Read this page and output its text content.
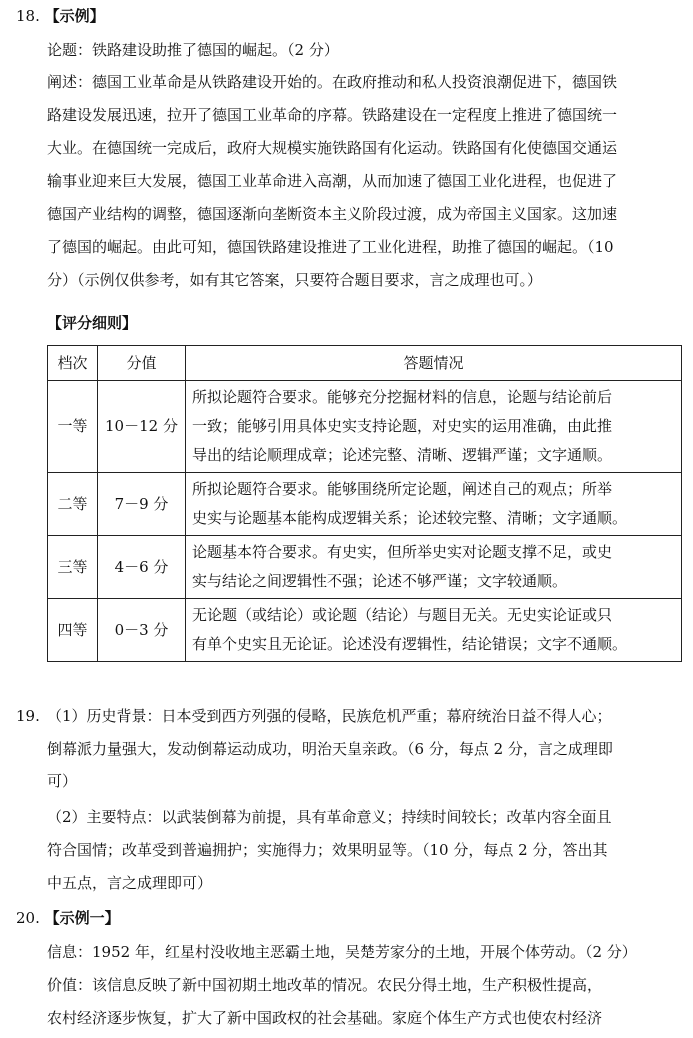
18. 【示例】
论题：铁路建设助推了德国的崛起。（2 分）
阐述：德国工业革命是从铁路建设开始的。在政府推动和私人投资浪潮促进下，德国铁
路建设发展迅速，拉开了德国工业革命的序幕。铁路建设在一定程度上推进了德国统一
大业。在德国统一完成后，政府大规模实施铁路国有化运动。铁路国有化使德国交通运
输事业迎来巨大发展，德国工业革命进入高潮，从而加速了德国工业化进程，也促进了
德国产业结构的调整，德国逐渐向垄断资本主义阶段过渡，成为帝国主义国家。这加速
了德国的崛起。由此可知，德国铁路建设推进了工业化进程，助推了德国的崛起。（10
分）（示例仅供参考，如有其它答案，只要符合题目要求，言之成理也可。）
【评分细则】
档次	分值	答题情况
一等	10－12 分	所拟论题符合要求。能够充分挖掘材料的信息，论题与结论前后
一致；能够引用具体史实支持论题，对史实的运用准确，由此推
导出的结论顺理成章；论述完整、清晰、逻辑严谨；文字通顺。

二等	7－9 分	所拟论题符合要求。能够围绕所定论题，阐述自己的观点；所举
史实与论题基本能构成逻辑关系；论述较完整、清晰；文字通顺。

三等	4－6 分	论题基本符合要求。有史实，但所举史实对论题支撑不足，或史
实与结论之间逻辑性不强；论述不够严谨；文字较通顺。

四等	0－3 分	无论题（或结论）或论题（结论）与题目无关。无史实论证或只
有单个史实且无论证。论述没有逻辑性，结论错误；文字不通顺。
19. （1）历史背景：日本受到西方列强的侵略，民族危机严重；幕府统治日益不得人心；
倒幕派力量强大，发动倒幕运动成功，明治天皇亲政。（6 分，每点 2 分，言之成理即
可）
（2）主要特点：以武装倒幕为前提，具有革命意义；持续时间较长；改革内容全面且
符合国情；改革受到普遍拥护；实施得力；效果明显等。（10 分，每点 2 分，答出其
中五点，言之成理即可）
20. 【示例一】
信息：1952 年，红星村没收地主恶霸土地，吴楚芳家分的土地，开展个体劳动。（2 分）
价值：该信息反映了新中国初期土地改革的情况。农民分得土地，生产积极性提高，
农村经济逐步恢复，扩大了新中国政权的社会基础。家庭个体生产方式也使农村经济
